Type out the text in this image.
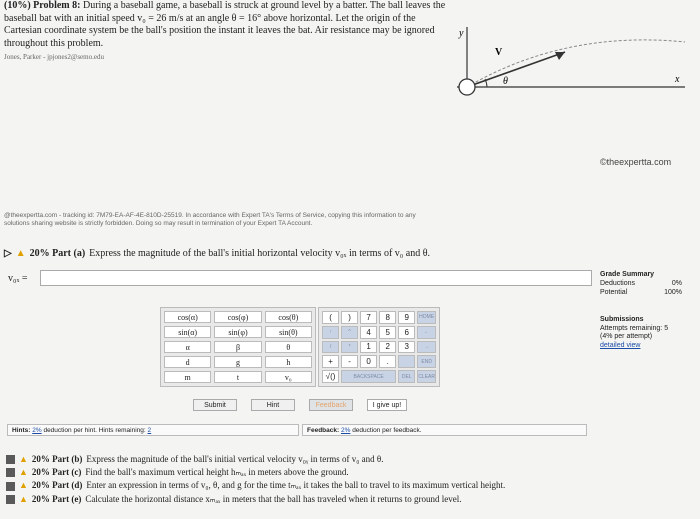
(10%) Problem 8: During a baseball game, a baseball is struck at ground level by a batter. The ball leaves the baseball bat with an initial speed v₀ = 26 m/s at an angle θ = 16° above horizontal. Let the origin of the Cartesian coordinate system be the ball's position the instant it leaves the bat. Air resistance may be ignored throughout this problem.
Jones, Parker - jpjones2@semo.edu
y
x
V
θ
©theexpertta.com
@theexpertta.com - tracking id: 7M79-EA-AF-4E-810D-25519. In accordance with Expert TA's Terms of Service, copying this information to any solutions sharing website is strictly forbidden. Doing so may result in termination of your Expert TA Account.
▷ ▲ 20% Part (a) Express the magnitude of the ball's initial horizontal velocity v₀ₓ in terms of v₀ and θ.
v₀ₓ =	Grade Summary
Deductions	0%
Potential	100%
Submissions
Attempts remaining: 5
(4% per attempt)
detailed view
cos(α)	cos(φ)	cos(θ)
sin(α)	sin(φ)	sin(θ)
α	β	θ
d	g	h
m	t	v₀
(	)	7	8	9	HOME
↑	^	4	5	6	←
/	*	1	2	3	→
+	-	0	.	END
√()	BACKSPACE	DEL	CLEAR
Submit	Hint	Feedback	I give up!
Hints:
2%
deduction per hint. Hints remaining:
2	Feedback:
2%
deduction per feedback.
▲ 20% Part (b) Express the magnitude of the ball's initial vertical velocity v₀ᵧ in terms of v₀ and θ.
▲ 20% Part (c) Find the ball's maximum vertical height hₘₐₓ in meters above the ground.
▲ 20% Part (d) Enter an expression in terms of v₀, θ, and g for the time tₘₐₓ it takes the ball to travel to its maximum vertical height.
▲ 20% Part (e) Calculate the horizontal distance xₘₐₓ in meters that the ball has traveled when it returns to ground level.
